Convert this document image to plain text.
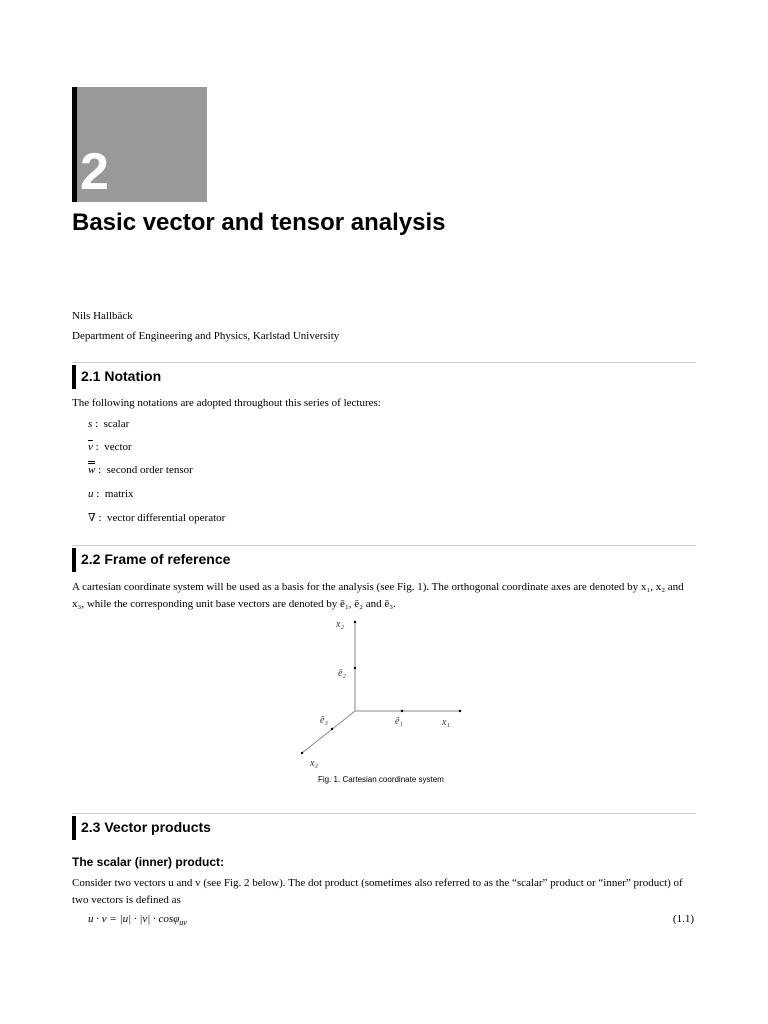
2
Basic vector and tensor analysis
Nils Hallbäck
Department of Engineering and Physics, Karlstad University
2.1 Notation
The following notations are adopted throughout this series of lectures:
s :  scalar
$\overline{v}$ :  vector
w :  second order tensor
u :  matrix
∇ :  vector differential operator
2.2 Frame of reference
A cartesian coordinate system will be used as a basis for the analysis (see Fig. 1). The orthogonal coordinate axes are denoted by x₁, x₂ and
x₃, while the corresponding unit base vectors are denoted by ē₁, ē₂ and ē₃.
x₂
ē₂
ē₁	x₁
ē₃
x₃
Fig. 1. Cartesian coordinate system
2.3 Vector products
The scalar (inner) product:
Consider two vectors u and v (see Fig. 2 below). The dot product (sometimes also referred to as the “scalar” product or “inner” product) of
two vectors is defined as
u · v = |u| · |v| · cosφ$_{uv}$	(1.1)
